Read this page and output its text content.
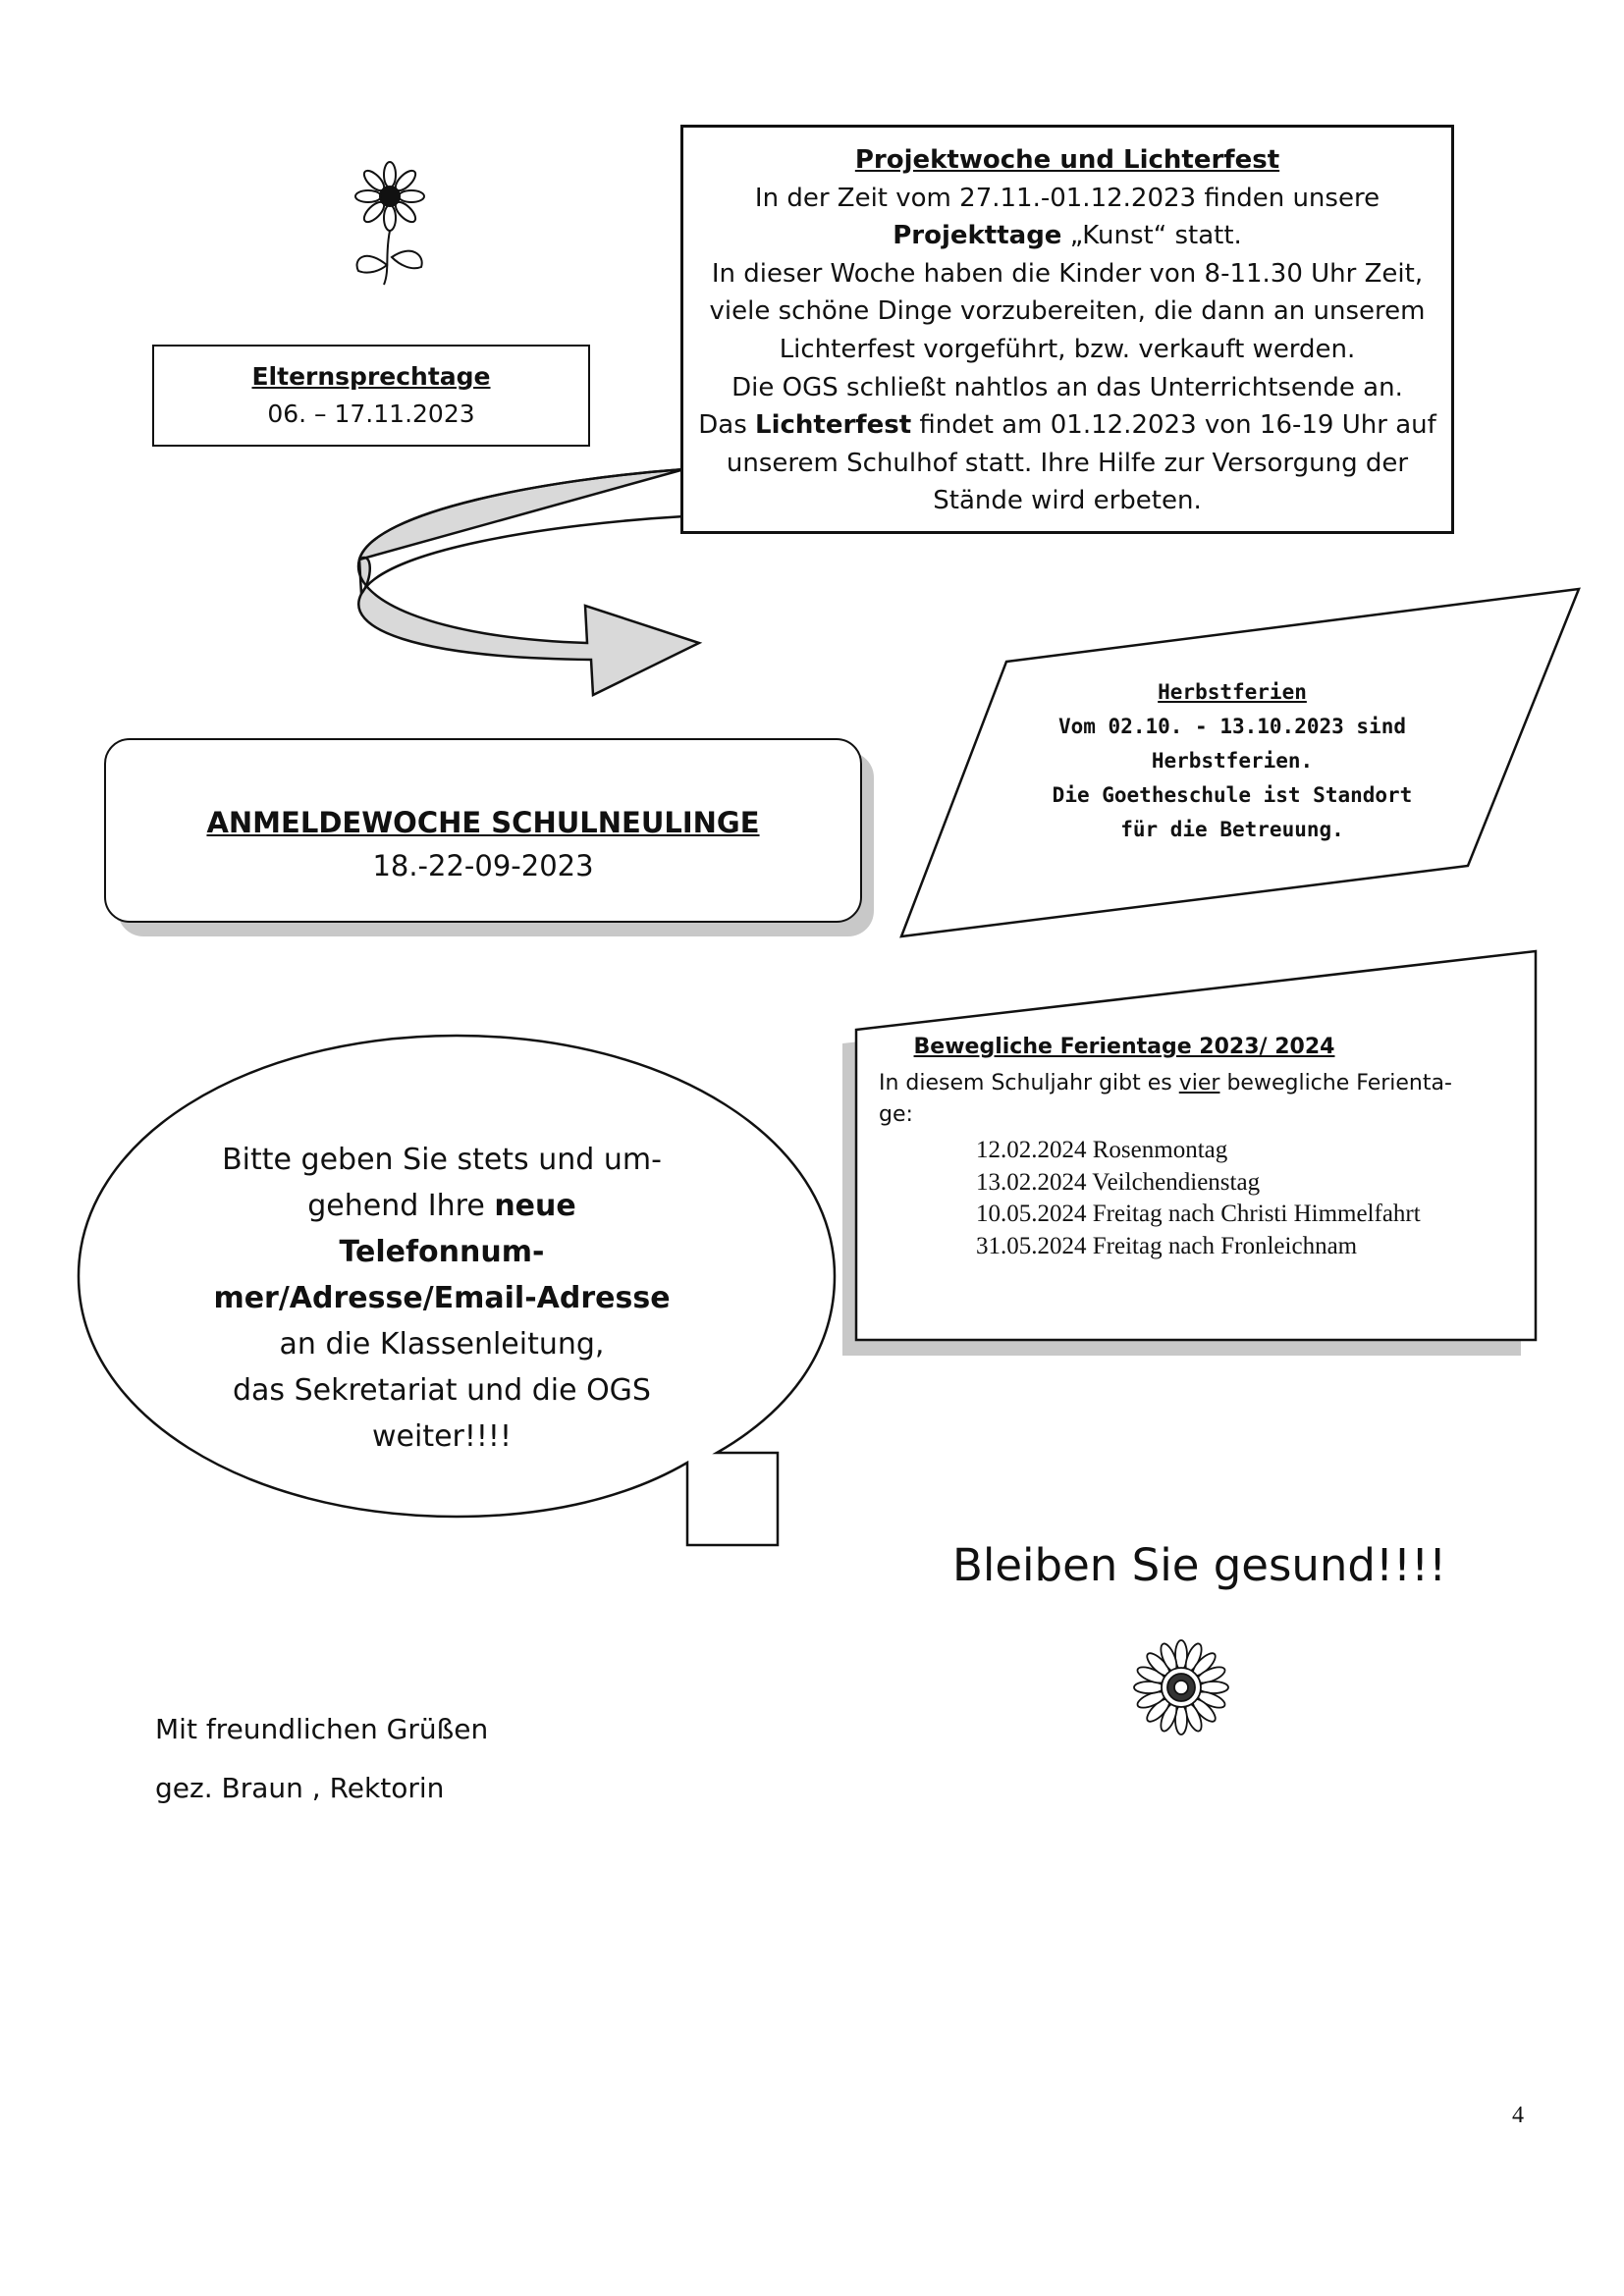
Elternsprechtage
06. – 17.11.2023
Projektwoche und Lichterfest
In der Zeit vom 27.11.-01.12.2023 finden unsere
Projekttage „Kunst“ statt.
In dieser Woche haben die Kinder von 8-11.30 Uhr Zeit,
viele schöne Dinge vorzubereiten, die dann an unserem
Lichterfest vorgeführt, bzw. verkauft werden.
Die OGS schließt nahtlos an das Unterrichtsende an.
Das Lichterfest findet am 01.12.2023 von 16-19 Uhr auf
unserem Schulhof statt. Ihre Hilfe zur Versorgung der
Stände wird erbeten.
ANMELDEWOCHE SCHULNEULINGE
18.-22-09-2023
Herbstferien
Vom 02.10. - 13.10.2023 sind
Herbstferien.
Die Goetheschule ist Standort
für die Betreuung.
Bewegliche Ferientage 2023/ 2024
In diesem Schuljahr gibt es vier bewegliche Ferienta-
ge:
12.02.2024 Rosenmontag
13.02.2024 Veilchendienstag
10.05.2024 Freitag nach Christi Himmelfahrt
31.05.2024 Freitag nach Fronleichnam
Bitte geben Sie stets und um-
gehend Ihre neue
Telefonnum-
mer/Adresse/Email-Adresse
an die Klassenleitung,
das Sekretariat und die OGS
weiter!!!!
Bleiben Sie gesund!!!!
Mit freundlichen Grüßen
gez. Braun , Rektorin
4
